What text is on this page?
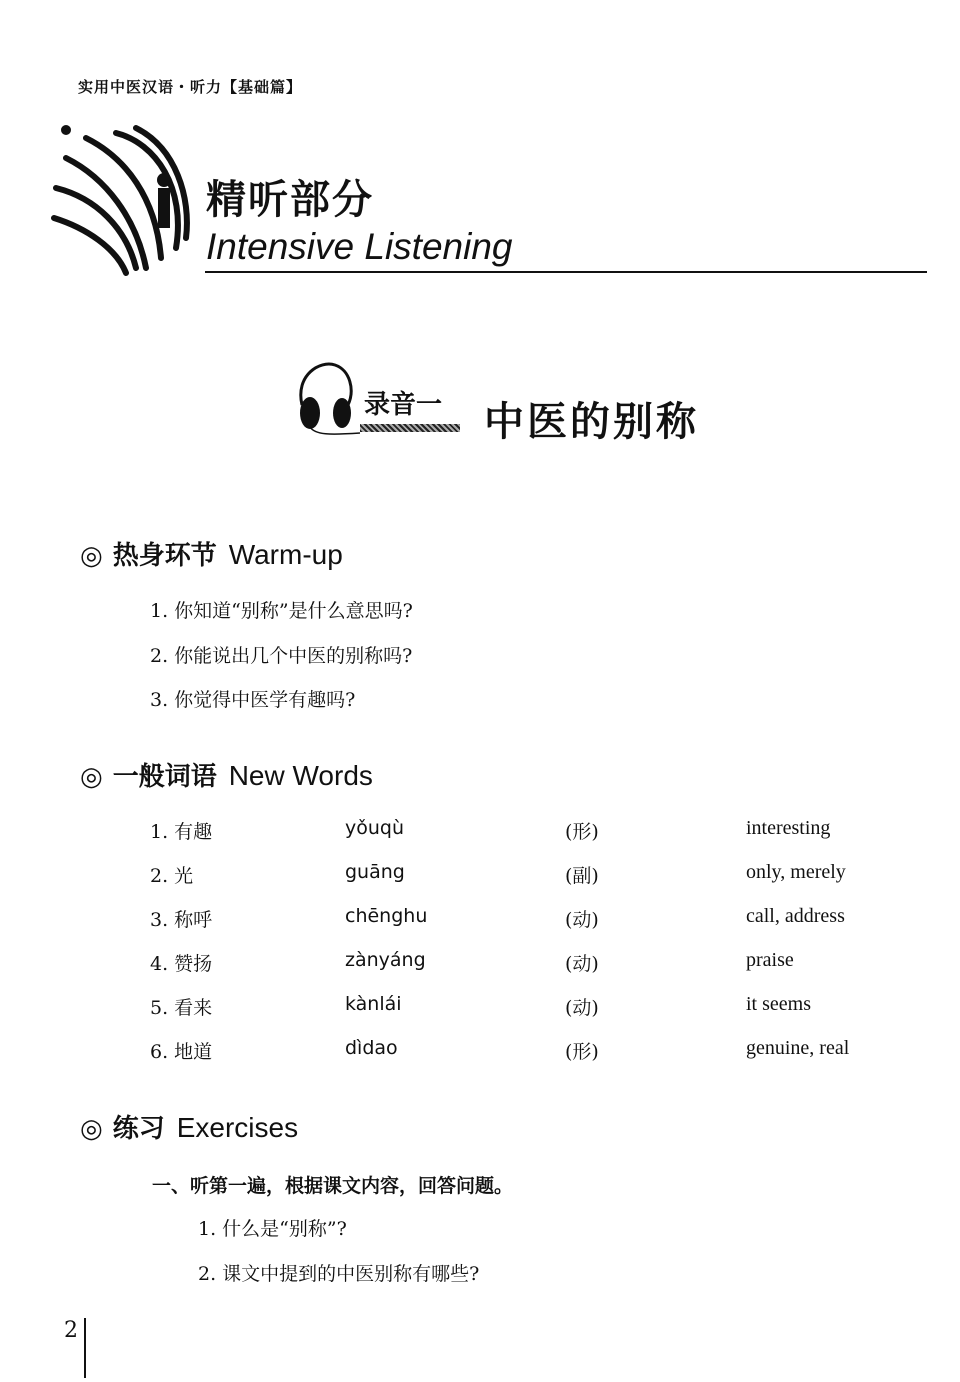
实用中医汉语・听力【基础篇】
精听部分
Intensive Listening
录音一 中医的别称
◎ 热身环节 Warm-up
1. 你知道“别称”是什么意思吗?
2. 你能说出几个中医的别称吗?
3. 你觉得中医学有趣吗?
◎ 一般词语 New Words
1. 有趣	yǒuqù	(形)	interesting
2. 光	guāng	(副)	only, merely
3. 称呼	chēnghu	(动)	call, address
4. 赞扬	zànyáng	(动)	praise
5. 看来	kànlái	(动)	it seems
6. 地道	dìdao	(形)	genuine, real
◎ 练习 Exercises
一、听第一遍，根据课文内容，回答问题。
1. 什么是“别称”?
2. 课文中提到的中医别称有哪些?
2
